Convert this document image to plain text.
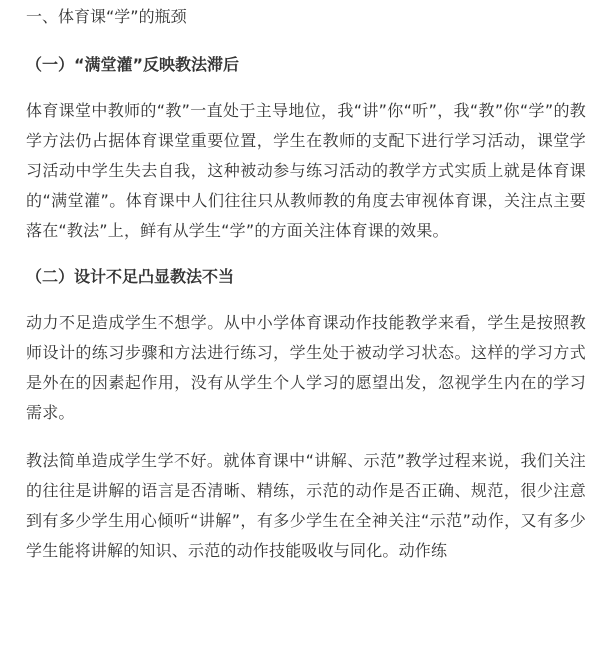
一、体育课“学”的瓶颈
（一）“满堂灌”反映教法滞后

体育课堂中教师的“教”一直处于主导地位，我“讲”你“听”，我“教”你“学”的教学方法仍占据体育课堂重要位置，学生在教师的支配下进行学习活动，课堂学习活动中学生失去自我，这种被动参与练习活动的教学方式实质上就是体育课的“满堂灌”。体育课中人们往往只从教师教的角度去审视体育课，关注点主要落在“教法”上，鲜有从学生“学”的方面关注体育课的效果。

（二）设计不足凸显教法不当

动力不足造成学生不想学。从中小学体育课动作技能教学来看，学生是按照教师设计的练习步骤和方法进行练习，学生处于被动学习状态。这样的学习方式是外在的因素起作用，没有从学生个人学习的愿望出发，忽视学生内在的学习需求。

教法简单造成学生学不好。就体育课中“讲解、示范”教学过程来说，我们关注的往往是讲解的语言是否清晰、精练，示范的动作是否正确、规范，很少注意到有多少学生用心倾听“讲解”，有多少学生在全神关注“示范”动作，又有多少学生能将讲解的知识、示范的动作技能吸收与同化。动作练
